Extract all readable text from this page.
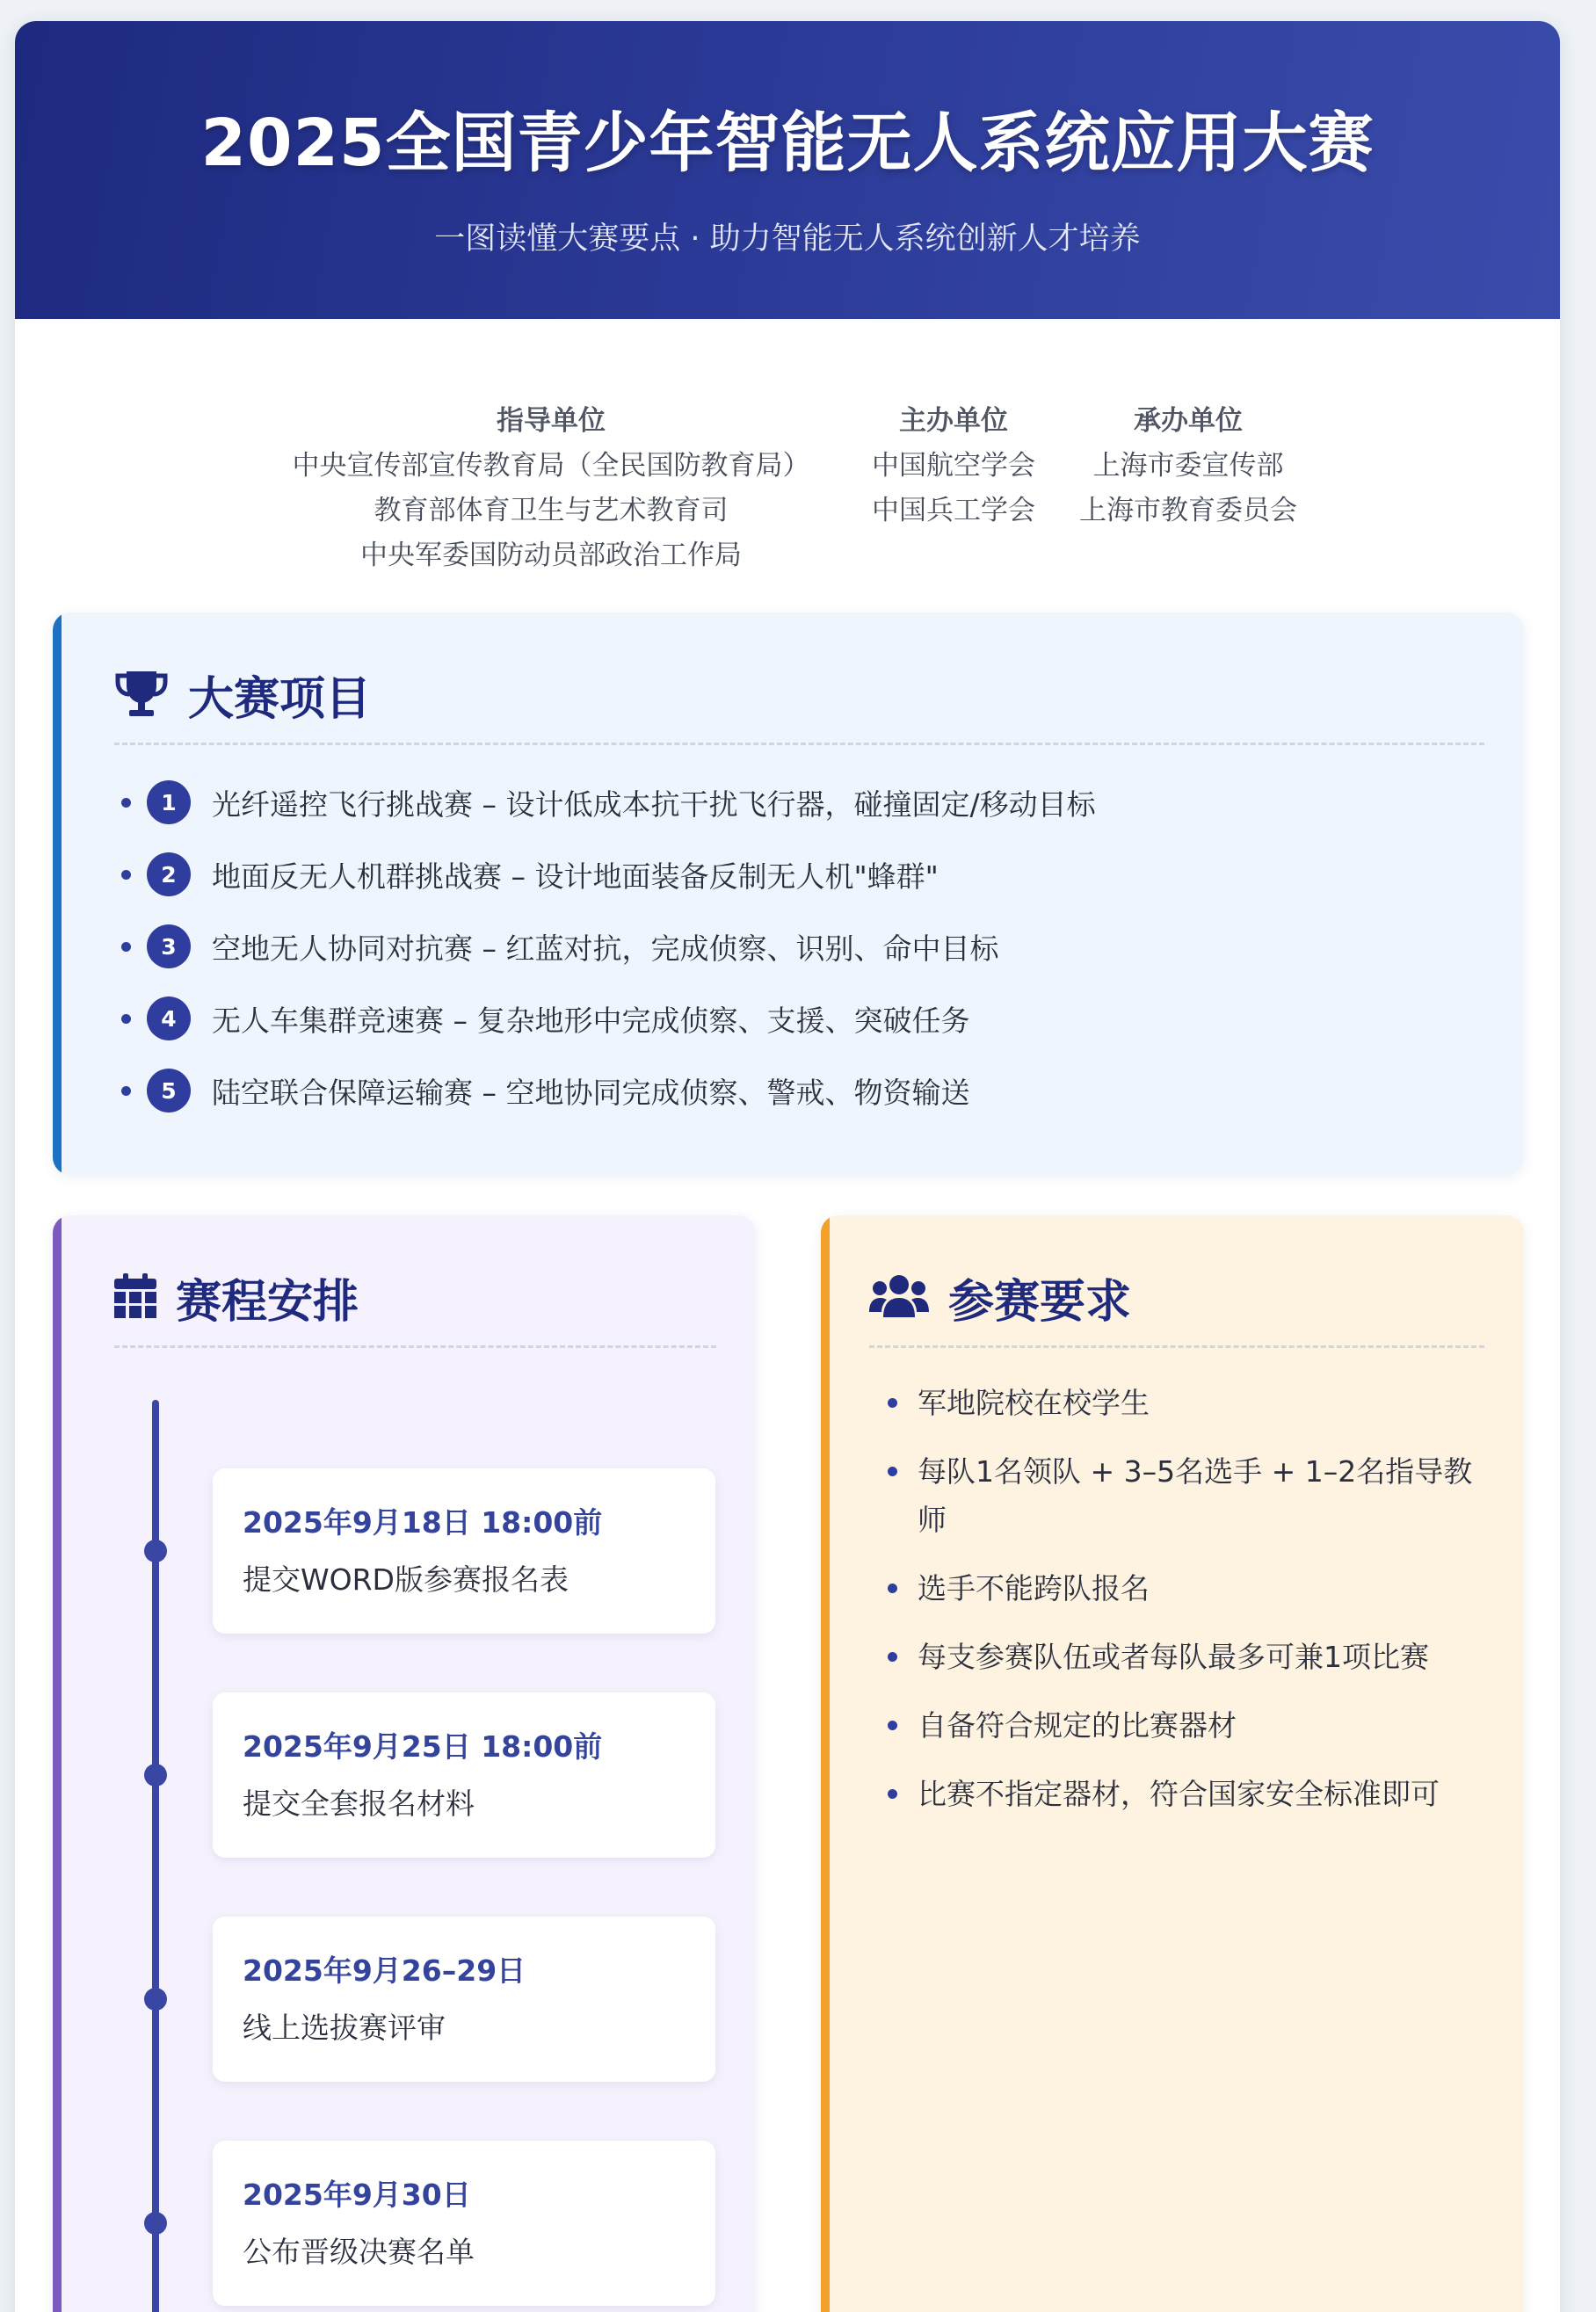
2025全国青少年智能无人系统应用大赛
一图读懂大赛要点 · 助力智能无人系统创新人才培养
指导单位
中央宣传部宣传教育局（全民国防教育局）
教育部体育卫生与艺术教育司
中央军委国防动员部政治工作局
主办单位
中国航空学会
中国兵工学会
承办单位
上海市委宣传部
上海市教育委员会
大赛项目
1	光纤遥控飞行挑战赛 – 设计低成本抗干扰飞行器，碰撞固定/移动目标
2	地面反无人机群挑战赛 – 设计地面装备反制无人机"蜂群"
3	空地无人协同对抗赛 – 红蓝对抗，完成侦察、识别、命中目标
4	无人车集群竞速赛 – 复杂地形中完成侦察、支援、突破任务
5	陆空联合保障运输赛 – 空地协同完成侦察、警戒、物资输送
赛程安排
2025年9月18日 18:00前
提交WORD版参赛报名表
2025年9月25日 18:00前
提交全套报名材料
2025年9月26–29日
线上选拔赛评审
2025年9月30日
公布晋级决赛名单
参赛要求
军地院校在校学生
每队1名领队 + 3–5名选手 + 1–2名指导教师
选手不能跨队报名
每支参赛队伍或者每队最多可兼1项比赛
自备符合规定的比赛器材
比赛不指定器材，符合国家安全标准即可
